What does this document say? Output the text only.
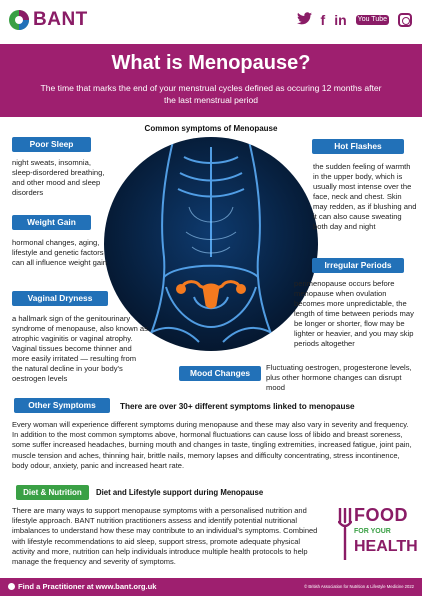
BANT	f in You Tube
What is Menopause?

The time that marks the end of your menstrual cycles defined as occuring 12 months after the last menstrual period

Common symptoms of Menopause
Poor Sleep
night sweats, insomnia, sleep-disordered breathing, and other mood and sleep disorders
Weight Gain
hormonal changes, aging, lifestyle and genetic factors can all influence weight gain
Vaginal Dryness
a hallmark sign of the genitourinary syndrome of menopause, also known as atrophic vaginitis or vaginal atrophy. Vaginal tissues become thinner and more easily irritated — resulting from the natural decline in your body's oestrogen levels
Hot Flashes
the sudden feeling of warmth in the upper body, which is usually most intense over the face, neck and chest. Skin may redden, as if blushing and it can also cause sweating both day and night
Irregular Periods
perimenopause occurs before menopause when ovulation becomes more unpredictable, the length of time between periods may be longer or shorter, flow may be lighter or heavier, and you may skip periods altogether
Mood Changes
Fluctuating oestrogen, progesterone levels, plus other hormone changes can disrupt mood
Other Symptoms	There are over 30+ different symptoms linked to menopause
Every woman will experience different symptoms during menopause and these may also vary in severity and frequency. In addition to the most common symptoms above, hormonal fluctuations can cause loss of libido and breast soreness, some suffer increased headaches, burning mouth and changes in taste, tingling extremities, increased fatigue, joint pain, muscle tension and aches, thinning hair, brittle nails, memory lapses and difficulty concentrating, stress incontinence, body odour, anxiety, panic and increased heart rate.
Diet & Nutrition	Diet and Lifestyle support during Menopause
There are many ways to support menopause symptoms with a personalised nutrition and lifestyle approach. BANT nutrition practitioners assess and identify potential nutritional imbalances to understand how these may contribute to an individual's symptoms. Combined with lifestyle recommendations to aid sleep, support stress, promote adequate physical activity and more, nutrition can help individuals introduce multiple health protocols to help manage the frequency and severity of symptoms.
FOOD
FOR YOUR
HEALTH
Find a Practitioner at www.bant.org.uk	© British Association for Nutrition & Lifestyle Medicine 2022
